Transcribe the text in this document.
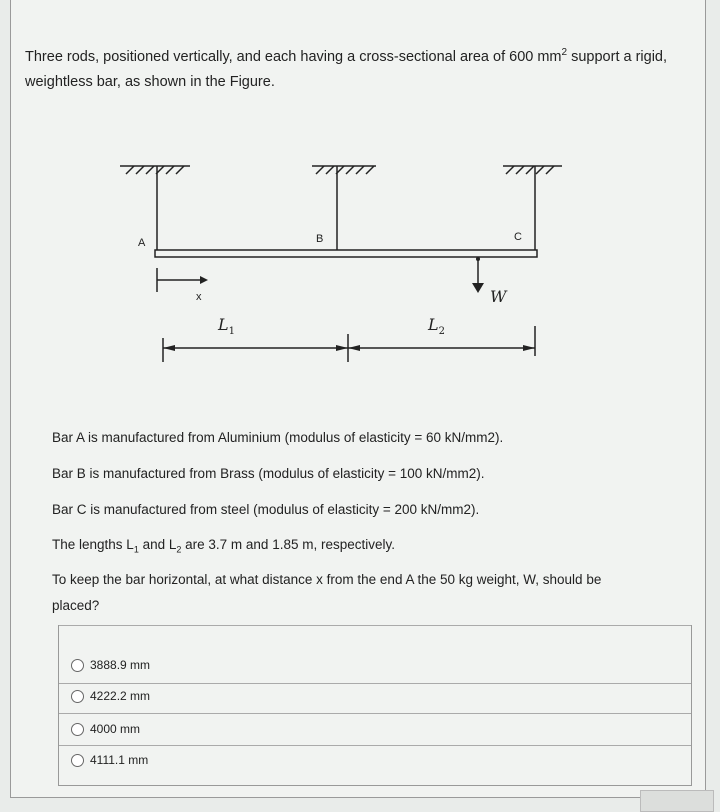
Three rods, positioned vertically, and each having a cross-sectional area of 600 $mm^2$ support a rigid, weightless bar, as shown in the Figure.
A	B	C
x	W
$L_1$	$L_2$
Bar A is manufactured from Aluminium (modulus of elasticity = 60 kN/mm2).
Bar B is manufactured from Brass (modulus of elasticity = 100 kN/mm2).
Bar C is manufactured from steel (modulus of elasticity = 200 kN/mm2).
The lengths $L_1$ and $L_2$ are 3.7 m and 1.85 m, respectively.
To keep the bar horizontal, at what distance x from the end A the 50 kg weight, W, should be
placed?
3888.9 mm
4222.2 mm
4000 mm
4111.1 mm
